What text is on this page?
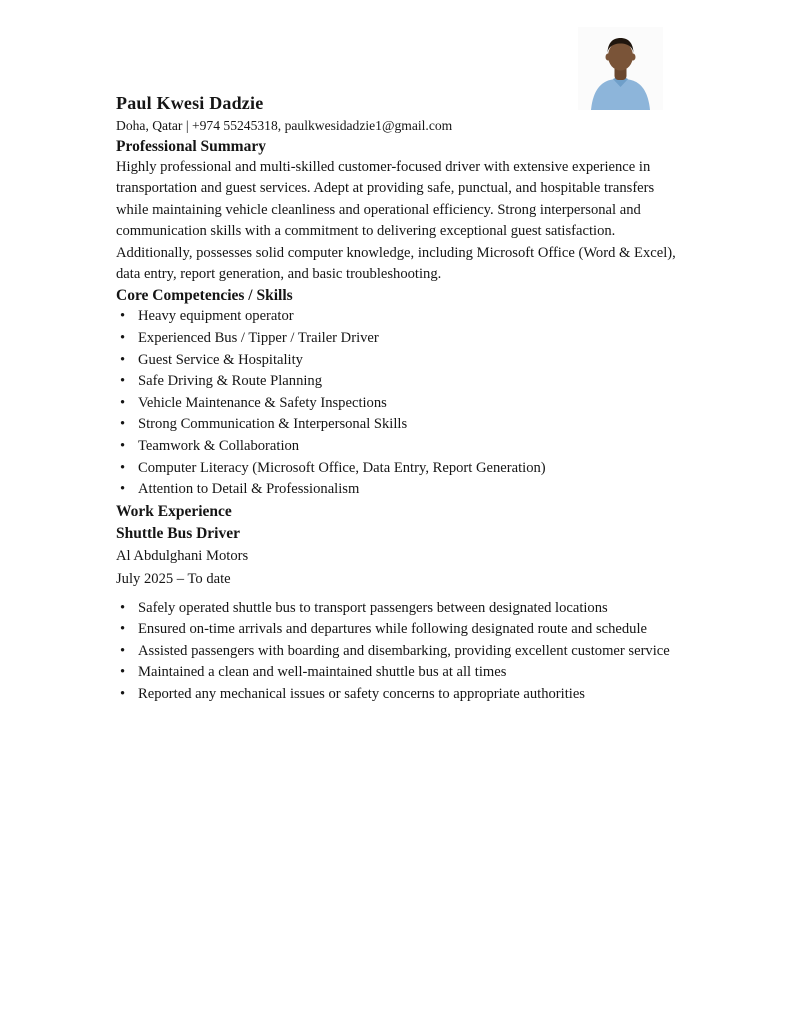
Paul Kwesi Dadzie
Doha, Qatar | +974 55245318, paulkwesidadzie1@gmail.com
Professional Summary

Highly professional and multi-skilled customer-focused driver with extensive experience in transportation and guest services. Adept at providing safe, punctual, and hospitable transfers while maintaining vehicle cleanliness and operational efficiency. Strong interpersonal and communication skills with a commitment to delivering exceptional guest satisfaction. Additionally, possesses solid computer knowledge, including Microsoft Office (Word & Excel), data entry, report generation, and basic troubleshooting.

Core Competencies / Skills
•
Heavy equipment operator
•
Experienced Bus / Tipper / Trailer Driver
•
Guest Service & Hospitality
•
Safe Driving & Route Planning
•
Vehicle Maintenance & Safety Inspections
•
Strong Communication & Interpersonal Skills
•
Teamwork & Collaboration
•
Computer Literacy (Microsoft Office, Data Entry, Report Generation)
•
Attention to Detail & Professionalism
Work Experience
Shuttle Bus Driver
Al Abdulghani Motors
July 2025 – To date
•
Safely operated shuttle bus to transport passengers between designated locations
•
Ensured on-time arrivals and departures while following designated route and schedule
•
Assisted passengers with boarding and disembarking, providing excellent customer service
•
Maintained a clean and well-maintained shuttle bus at all times
•
Reported any mechanical issues or safety concerns to appropriate authorities
